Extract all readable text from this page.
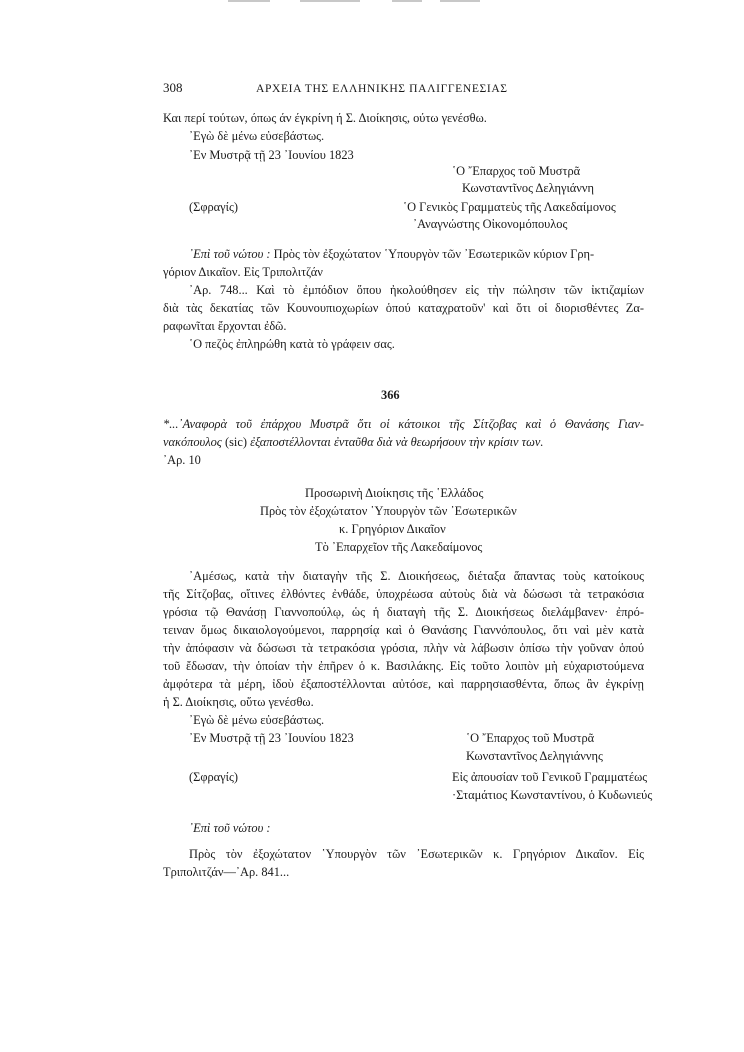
308	ΑΡΧΕΙΑ ΤΗΣ ΕΛΛΗΝΙΚΗΣ ΠΑΛΙΓΓΕΝΕΣΙΑΣ
Και περί τούτων, όπως άν έγκρίνη ή Σ. Διοίκησις, ούτω γενέσθω.
᾿Εγὼ δὲ μένω εὐσεβάστως.
᾿Εν Μυστρᾷ τῇ 23 ᾿Ιουνίου 1823
῾Ο ῎Επαρχος τοῦ Μυστρᾶ
Κωνσταντῖνος Δεληγιάννη
(Σφραγίς)	῾Ο Γενικὸς Γραμματεὺς τῆς Λακεδαίμονος
᾿Αναγνώστης Οἰκονομόπουλος
᾿Επὶ τοῦ νώτου : Πρὸς τὸν ἐξοχώτατον ῾Υπουργὸν τῶν ᾿Εσωτερικῶν κύριον Γρη-
γόριον Δικαῖον. Εἰς Τριπολιτζάν
᾿Αρ. 748... Καὶ τὸ ἐμπόδιον ὅπου ἠκολούθησεν εἰς τὴν πώλησιν τῶν ἰκτιζαμίων
διὰ τὰς δεκατίας τῶν Κουνουπιοχωρίων ὁπού καταχρατοῦν' καὶ ὅτι οἱ διορισθέντες Ζα-
ραφωνῖται ἔρχονται ἐδῶ.
῾Ο πεζὸς ἐπληρώθη κατὰ τὸ γράφειν σας.
366
*...᾿Αναφορὰ τοῦ ἐπάρχου Μυστρᾶ ὅτι οἱ κάτοικοι τῆς Σίτζοβας καὶ ὁ Θανάσης Γιαν-
νακόπουλος (sic) ἐξαποστέλλονται ἐνταῦθα διὰ νὰ θεωρήσουν τὴν κρίσιν των.
᾿Αρ. 10
Προσωρινὴ Διοίκησις τῆς ῾Ελλάδος
Πρὸς τὸν ἐξοχώτατον ῾Υπουργὸν τῶν ᾿Εσωτερικῶν
κ. Γρηγόριον Δικαῖον
Τὸ ᾿Επαρχεῖον τῆς Λακεδαίμονος
᾿Αμέσως, κατὰ τὴν διαταγὴν τῆς Σ. Διοικήσεως, διέταξα ἅπαντας τοὺς κατοίκους
τῆς Σίτζοβας, οἵτινες ἐλθόντες ἐνθάδε, ὑποχρέωσα αὐτοὺς διὰ νὰ δώσωσι τὰ τετρακόσια
γρόσια τῷ Θανάσῃ Γιαννοπούλῳ, ὡς ἡ διαταγὴ τῆς Σ. Διοικήσεως διελάμβανεν· ἐπρό-
τειναν ὅμως δικαιολογούμενοι, παρρησίᾳ καὶ ὁ Θανάσης Γιαννόπουλος, ὅτι ναὶ μὲν κατὰ
τὴν ἀπόφασιν νὰ δώσωσι τὰ τετρακόσια γρόσια, πλὴν νὰ λάβωσιν ὀπίσω τὴν γοῦναν ὁπού
τοῦ ἔδωσαν, τὴν ὁποίαν τὴν ἐπῆρεν ὁ κ. Βασιλάκης. Εἰς τοῦτο λοιπὸν μὴ εὐχαριστούμενα
ἀμφότερα τὰ μέρη, ἰδοὺ ἐξαποστέλλονται αὐτόσε, καὶ παρρησιασθέντα, ὅπως ἂν ἐγκρίνῃ
ἡ Σ. Διοίκησις, οὕτω γενέσθω.
᾿Εγὼ δὲ μένω εὐσεβάστως.
᾿Εν Μυστρᾷ τῇ 23 ᾿Ιουνίου 1823	῾Ο ῎Επαρχος τοῦ Μυστρᾶ
Κωνσταντῖνος Δεληγιάννης
(Σφραγίς)	Εἰς ἀπουσίαν τοῦ Γενικοῦ Γραμματέως
·Σταμάτιος Κωνσταντίνου, ὁ Κυδωνιεύς
᾿Επὶ τοῦ νώτου :
Πρὸς τὸν ἐξοχώτατον ῾Υπουργὸν τῶν ᾿Εσωτερικῶν κ. Γρηγόριον Δικαῖον. Εἰς
Τριπολιτζάν—᾿Αρ. 841...
